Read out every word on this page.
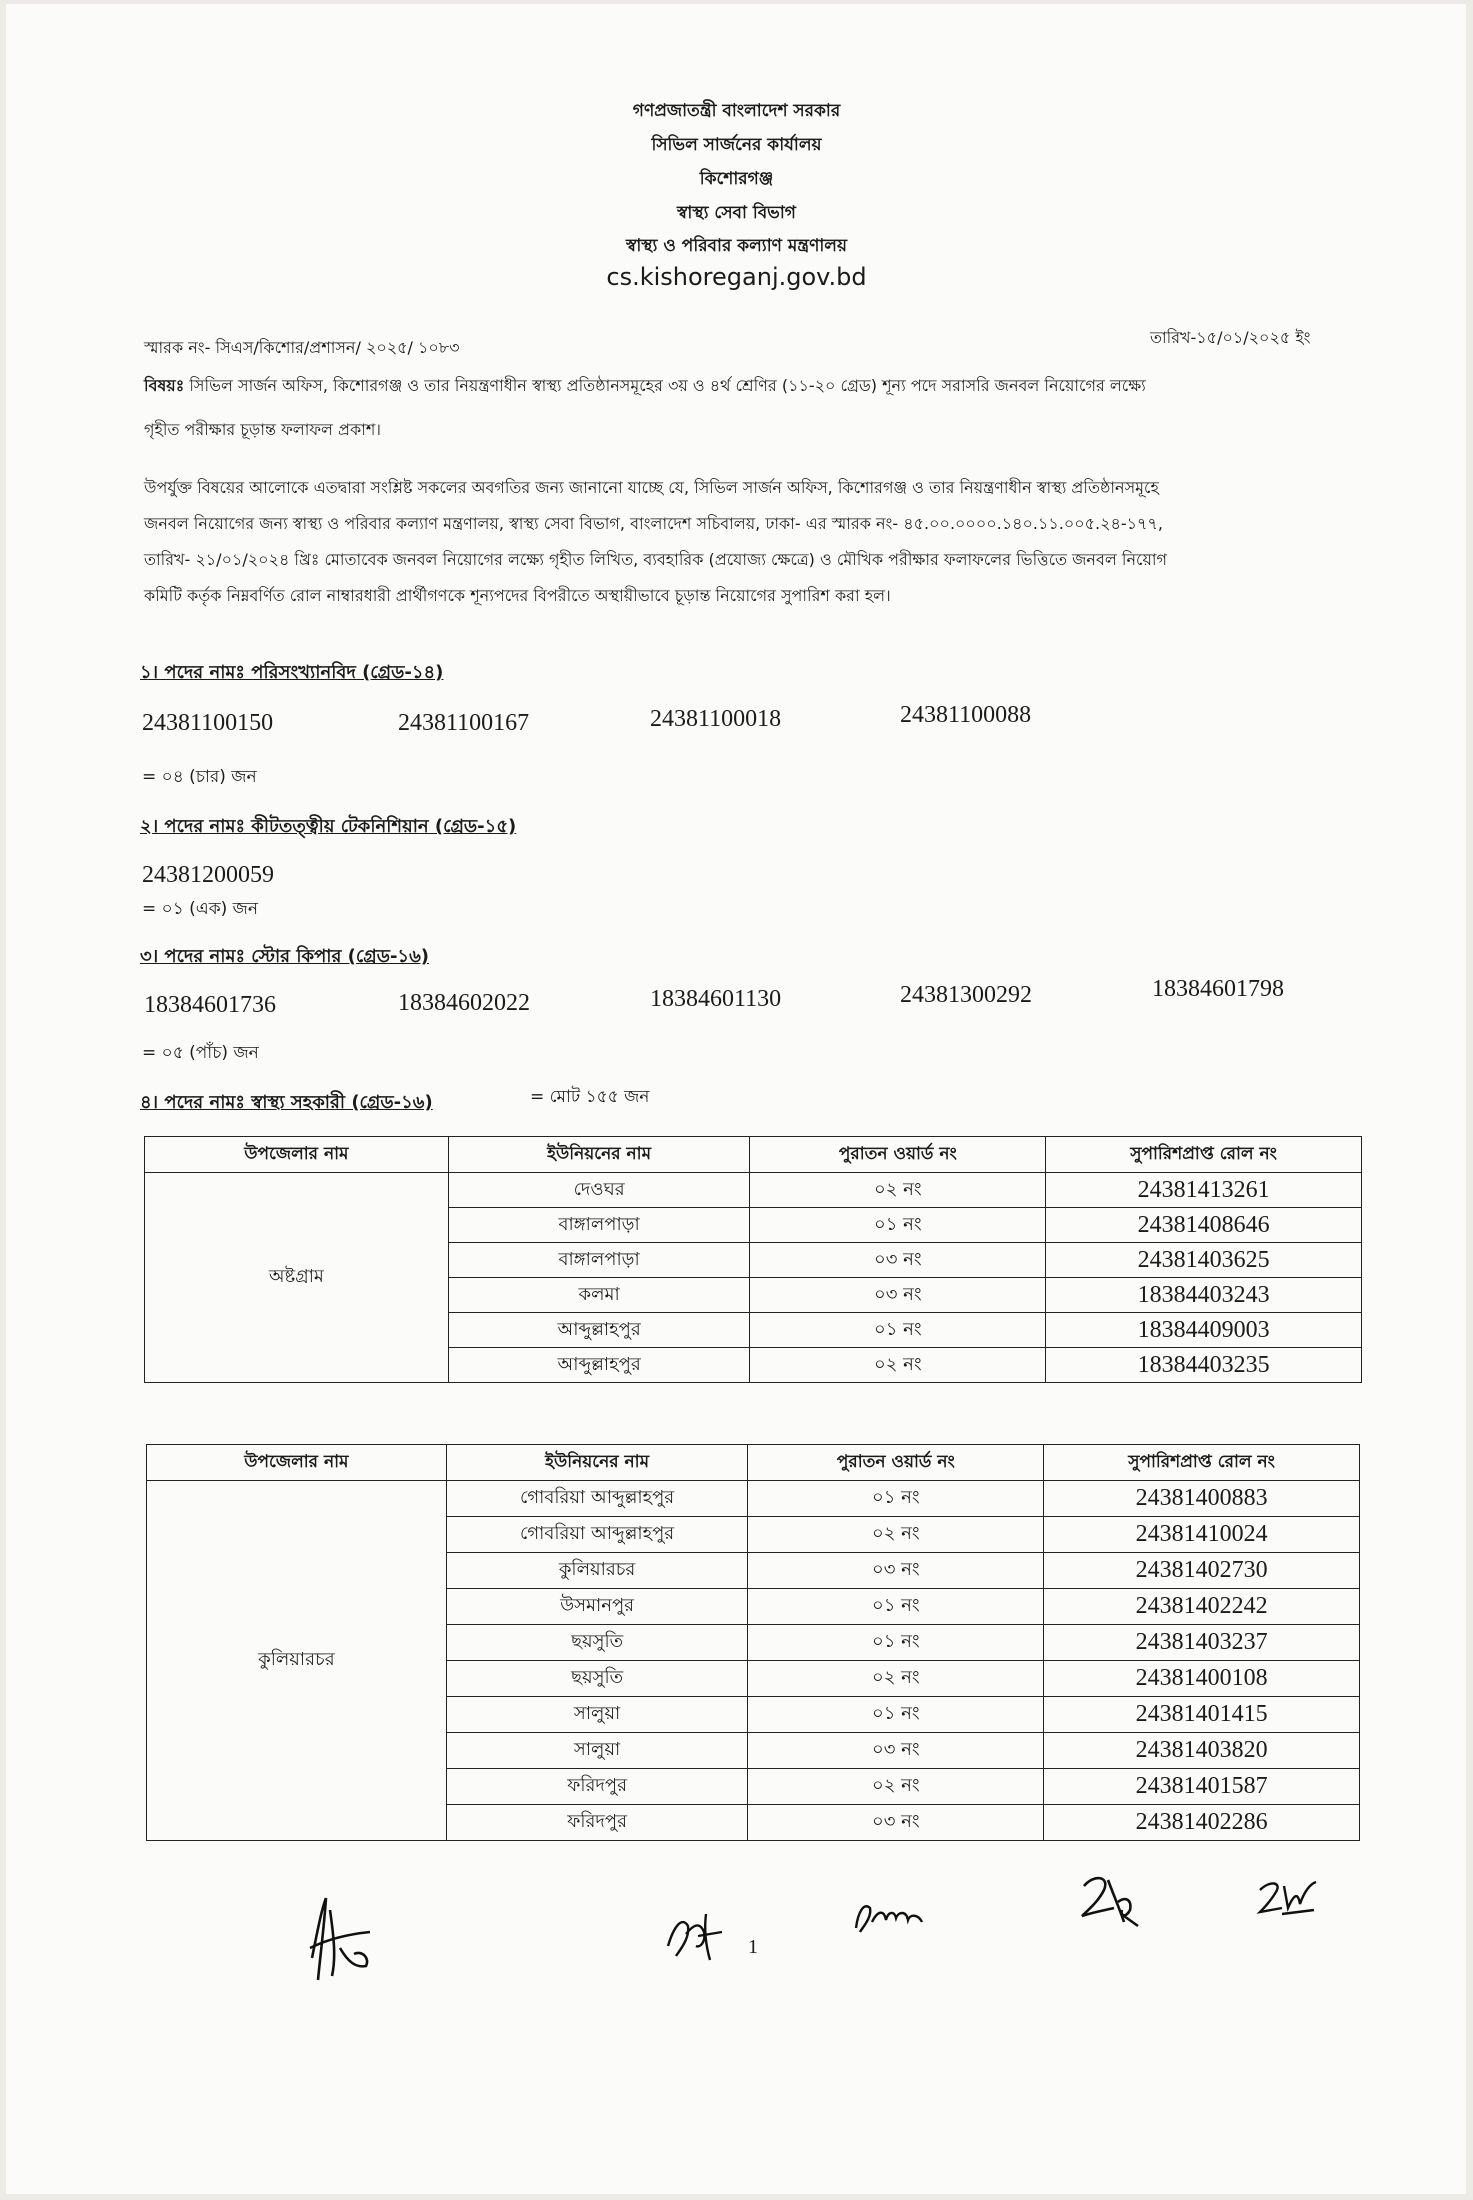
গণপ্রজাতন্ত্রী বাংলাদেশ সরকার
সিভিল সার্জনের কার্যালয়
কিশোরগঞ্জ
স্বাস্থ্য সেবা বিভাগ
স্বাস্থ্য ও পরিবার কল্যাণ মন্ত্রণালয়
cs.kishoreganj.gov.bd
স্মারক নং- সিএস/কিশোর/প্রশাসন/ ২০২৫/ ১০৮৩
তারিখ-১৫/০১/২০২৫ ইং
বিষয়ঃ সিভিল সার্জন অফিস, কিশোরগঞ্জ ও তার নিয়ন্ত্রণাধীন স্বাস্থ্য প্রতিষ্ঠানসমূহের ৩য় ও ৪র্থ শ্রেণির (১১-২০ গ্রেড) শূন্য পদে সরাসরি জনবল নিয়োগের লক্ষ্যে
গৃহীত পরীক্ষার চূড়ান্ত ফলাফল প্রকাশ।
উপর্যুক্ত বিষয়ের আলোকে এতদ্বারা সংশ্লিষ্ট সকলের অবগতির জন্য জানানো যাচ্ছে যে, সিভিল সার্জন অফিস, কিশোরগঞ্জ ও তার নিয়ন্ত্রণাধীন স্বাস্থ্য প্রতিষ্ঠানসমূহে
জনবল নিয়োগের জন্য স্বাস্থ্য ও পরিবার কল্যাণ মন্ত্রণালয়, স্বাস্থ্য সেবা বিভাগ, বাংলাদেশ সচিবালয়, ঢাকা- এর স্মারক নং- ৪৫.০০.০০০০.১৪০.১১.০০৫.২৪-১৭৭,
তারিখ- ২১/০১/২০২৪ খ্রিঃ মোতাবেক জনবল নিয়োগের লক্ষ্যে গৃহীত লিখিত, ব্যবহারিক (প্রযোজ্য ক্ষেত্রে) ও মৌখিক পরীক্ষার ফলাফলের ভিত্তিতে জনবল নিয়োগ
কমিটি কর্তৃক নিম্নবর্ণিত রোল নাম্বারধারী প্রার্থীগণকে শূন্যপদের বিপরীতে অস্থায়ীভাবে চূড়ান্ত নিয়োগের সুপারিশ করা হল।
১। পদের নামঃ পরিসংখ্যানবিদ (গ্রেড-১৪)
24381100150	24381100167	24381100018	24381100088
= ০৪ (চার) জন
২। পদের নামঃ কীটতত্ত্বীয় টেকনিশিয়ান (গ্রেড-১৫)
24381200059
= ০১ (এক) জন
৩। পদের নামঃ স্টোর কিপার (গ্রেড-১৬)
18384601736	18384602022	18384601130	24381300292	18384601798
= ০৫ (পাঁচ) জন
৪। পদের নামঃ স্বাস্থ্য সহকারী (গ্রেড-১৬)	= মোট ১৫৫ জন
উপজেলার নাম	ইউনিয়নের নাম	পুরাতন ওয়ার্ড নং	সুপারিশপ্রাপ্ত রোল নং
অষ্টগ্রাম	দেওঘর	০২ নং	24381413261
	বাঙ্গালপাড়া	০১ নং	24381408646
	বাঙ্গালপাড়া	০৩ নং	24381403625
	কলমা	০৩ নং	18384403243
	আব্দুল্লাহপুর	০১ নং	18384409003
	আব্দুল্লাহপুর	০২ নং	18384403235
উপজেলার নাম	ইউনিয়নের নাম	পুরাতন ওয়ার্ড নং	সুপারিশপ্রাপ্ত রোল নং
কুলিয়ারচর	গোবরিয়া আব্দুল্লাহপুর	০১ নং	24381400883
	গোবরিয়া আব্দুল্লাহপুর	০২ নং	24381410024
	কুলিয়ারচর	০৩ নং	24381402730
	উসমানপুর	০১ নং	24381402242
	ছয়সুতি	০১ নং	24381403237
	ছয়সুতি	০২ নং	24381400108
	সালুয়া	০১ নং	24381401415
	সালুয়া	০৩ নং	24381403820
	ফরিদপুর	০২ নং	24381401587
	ফরিদপুর	০৩ নং	24381402286
1
